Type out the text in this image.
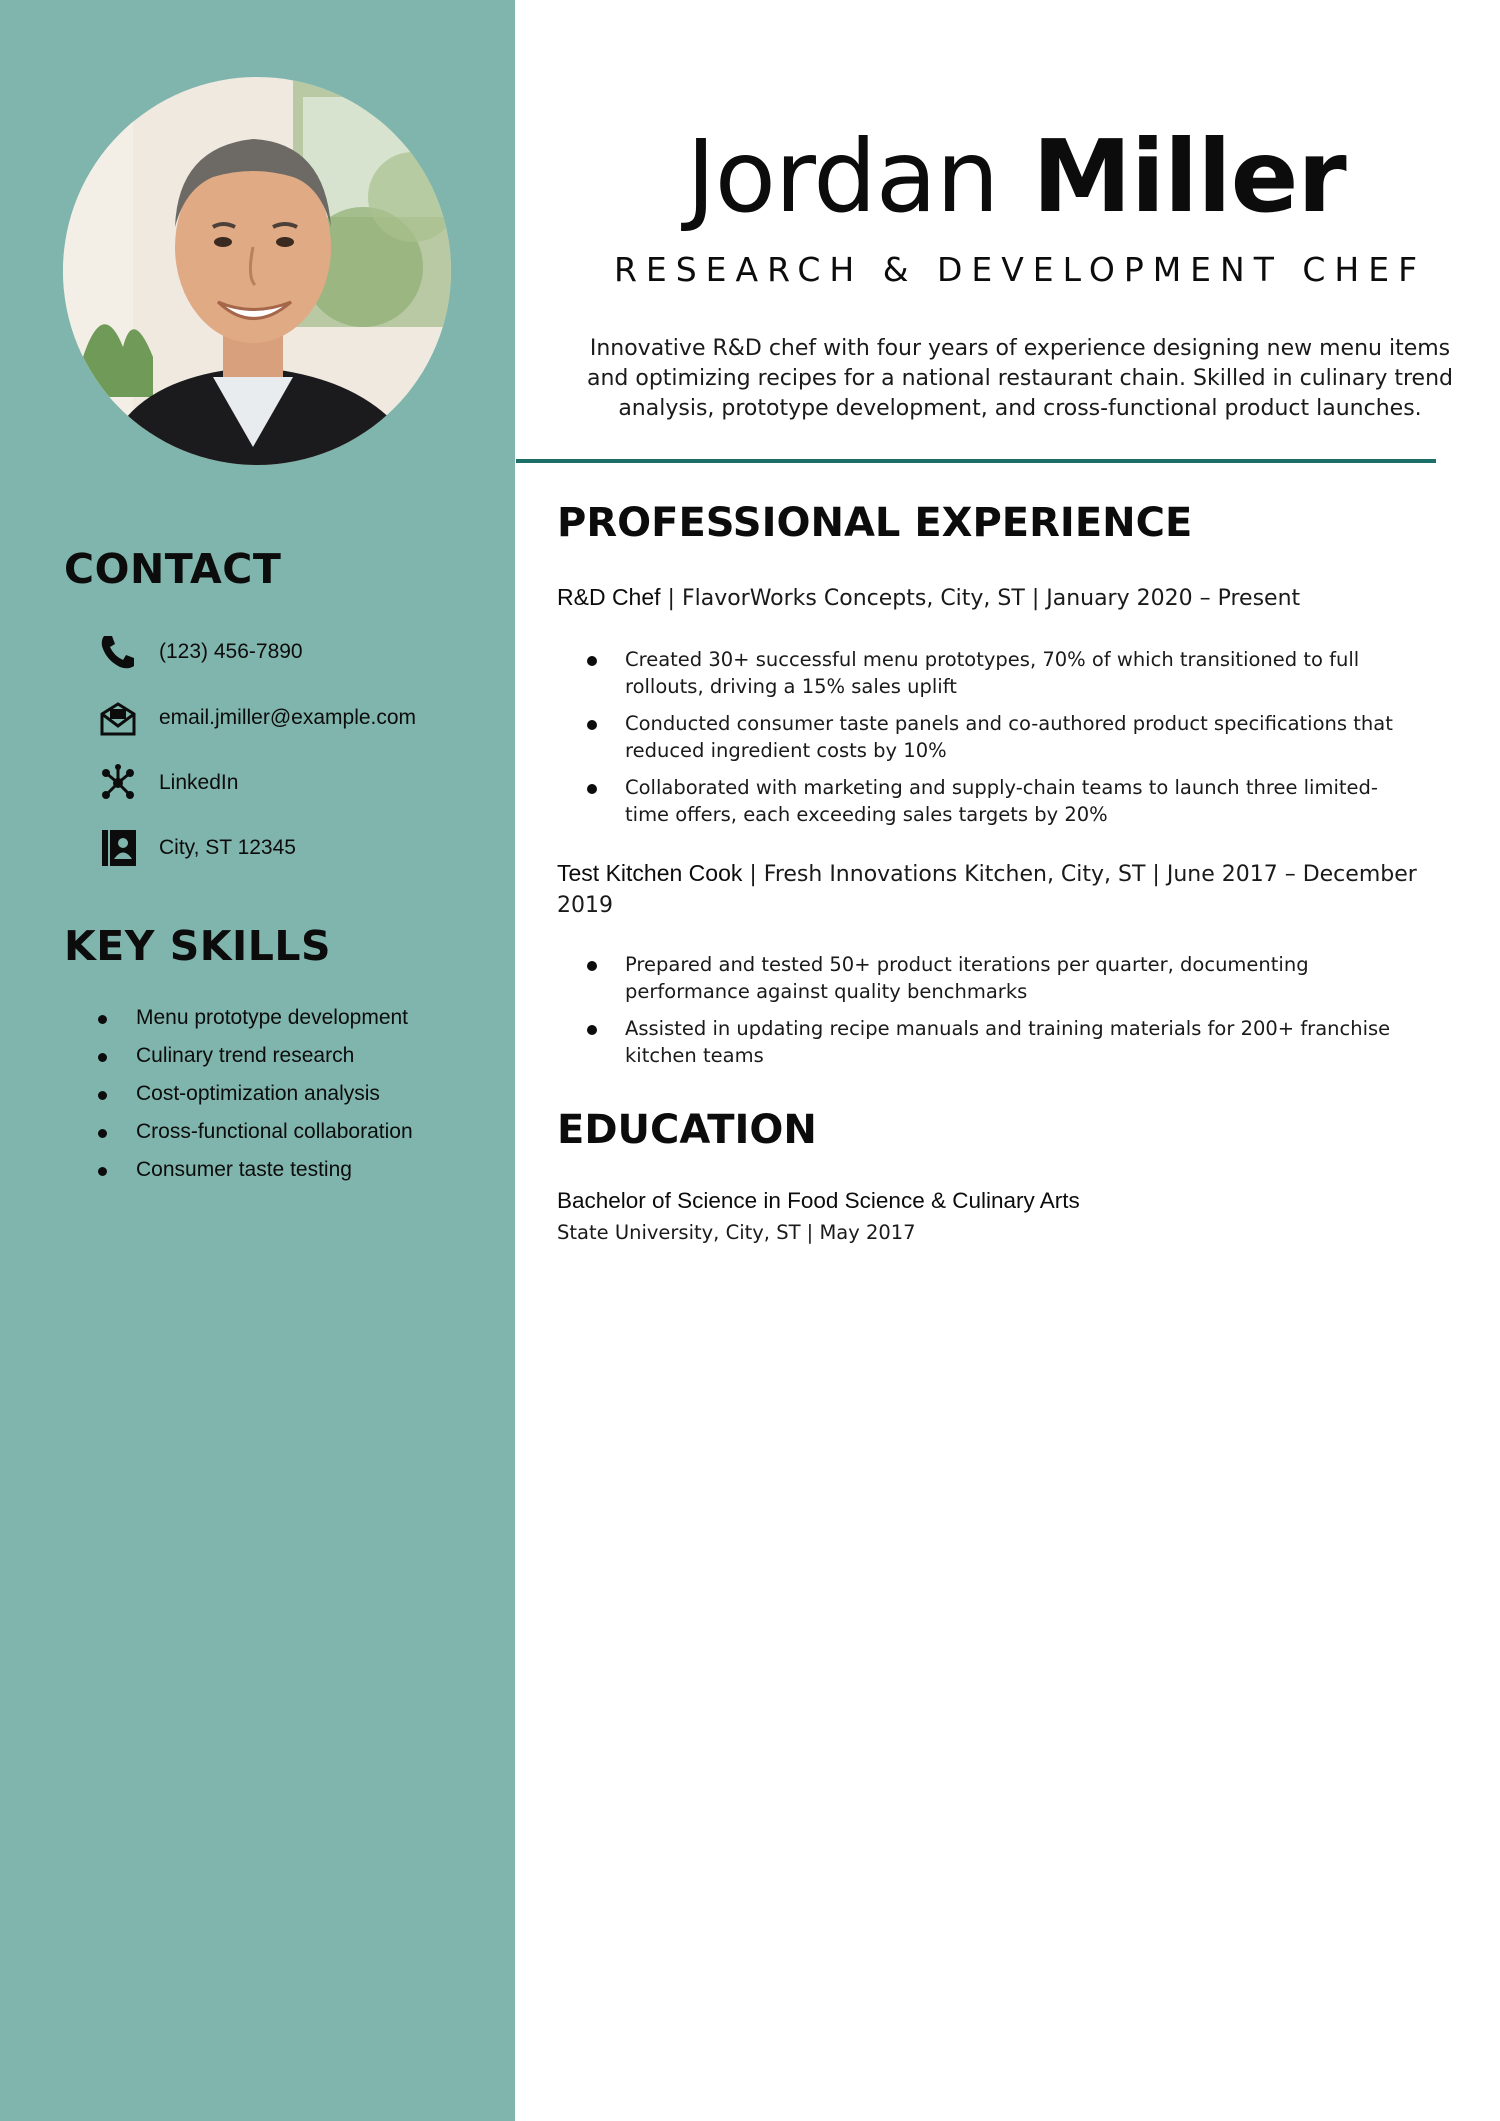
CONTACT
(123) 456-7890
email.jmiller@example.com
LinkedIn
City, ST 12345
KEY SKILLS
Menu prototype development
Culinary trend research
Cost-optimization analysis
Cross-functional collaboration
Consumer taste testing
Jordan Miller
RESEARCH & DEVELOPMENT CHEF

Innovative R&D chef with four years of experience designing new menu items and optimizing recipes for a national restaurant chain. Skilled in culinary trend analysis, prototype development, and cross-functional product launches.

PROFESSIONAL EXPERIENCE
R&D Chef | FlavorWorks Concepts, City, ST | January 2020 – Present
Created 30+ successful menu prototypes, 70% of which transitioned to full rollouts, driving a 15% sales uplift
Conducted consumer taste panels and co-authored product specifications that reduced ingredient costs by 10%
Collaborated with marketing and supply-chain teams to launch three limited-time offers, each exceeding sales targets by 20%
Test Kitchen Cook | Fresh Innovations Kitchen, City, ST | June 2017 – December 2019
Prepared and tested 50+ product iterations per quarter, documenting performance against quality benchmarks
Assisted in updating recipe manuals and training materials for 200+ franchise kitchen teams
EDUCATION
Bachelor of Science in Food Science & Culinary Arts
State University, City, ST | May 2017
